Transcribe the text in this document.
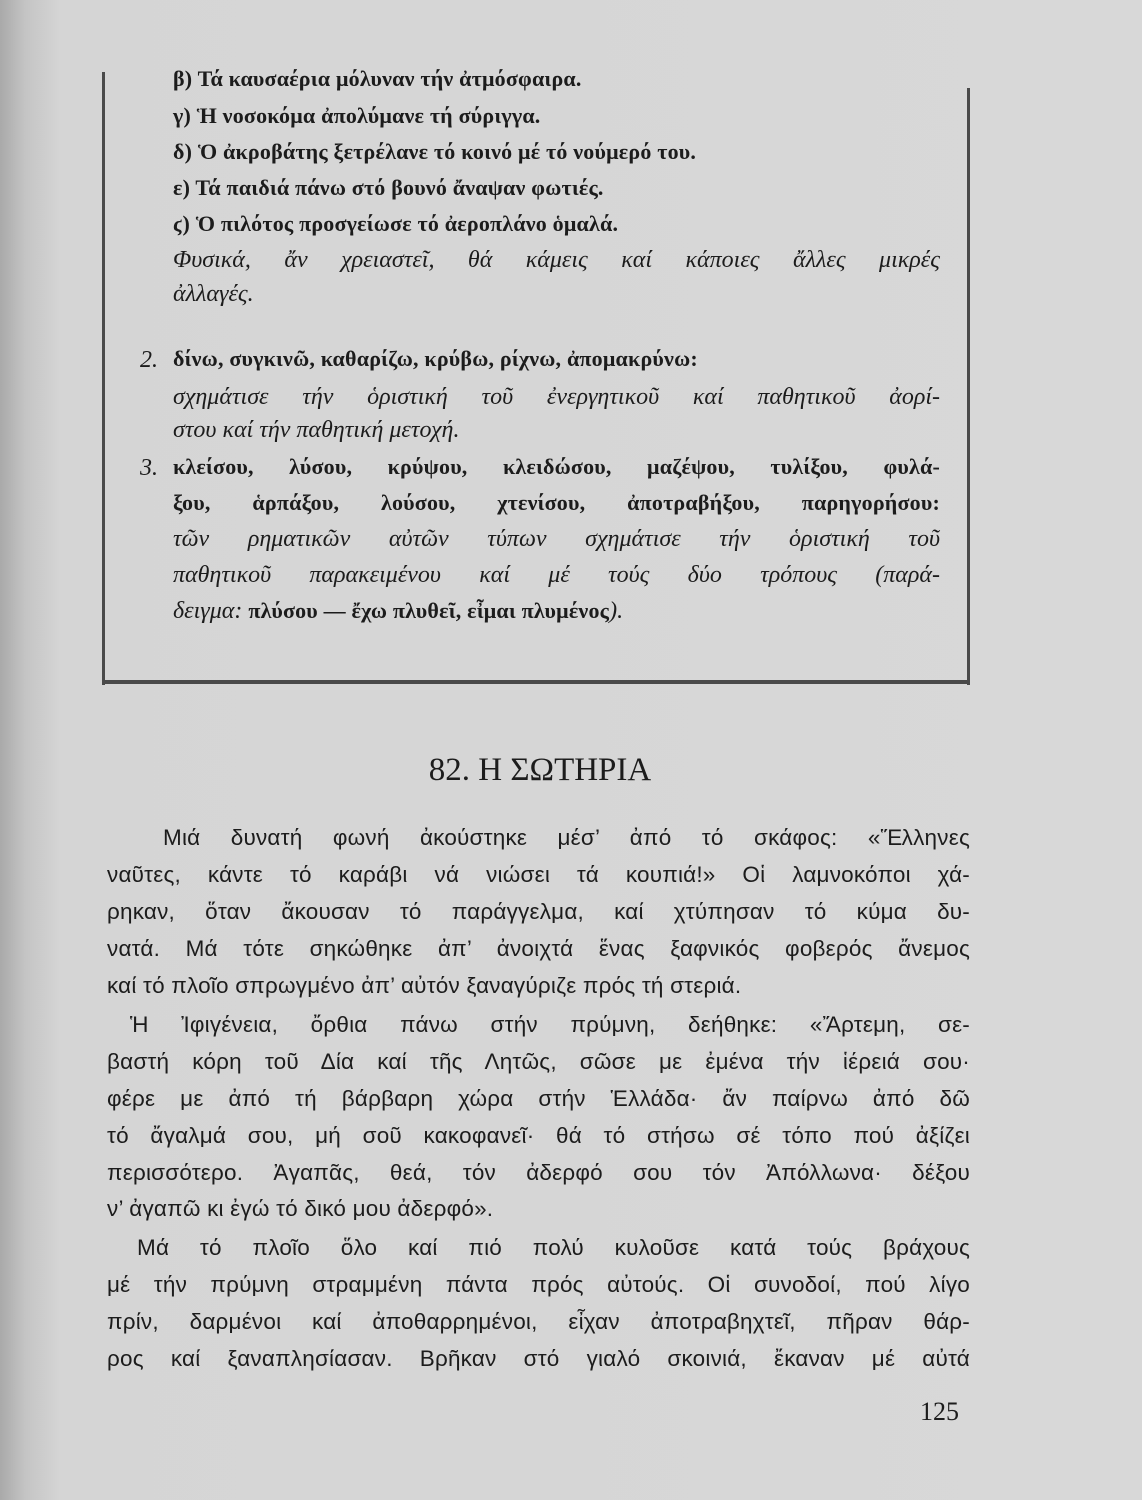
β) Τά καυσαέρια μόλυναν τήν ἀτμόσφαιρα.
γ) Ἡ νοσοκόμα ἀπολύμανε τή σύριγγα.
δ) Ὁ ἀκροβάτης ξετρέλανε τό κοινό μέ τό νούμερό του.
ε) Τά παιδιά πάνω στό βουνό ἄναψαν φωτιές.
ϛ) Ὁ πιλότος προσγείωσε τό ἀεροπλάνο ὁμαλά.
Φυσικά, ἄν χρειαστεῖ, θά κάμεις καί κάποιες ἄλλες μικρές
ἀλλαγές.
2. δίνω, συγκινῶ, καθαρίζω, κρύβω, ρίχνω, ἀπομακρύνω:
σχημάτισε τήν ὁριστική τοῦ ἐνεργητικοῦ καί παθητικοῦ ἀορί-
στου καί τήν παθητική μετοχή.
3. κλείσου, λύσου, κρύψου, κλειδώσου, μαζέψου, τυλίξου, φυλά-
ξου, ἁρπάξου, λούσου, χτενίσου, ἀποτραβήξου, παρηγορήσου:
τῶν ρηματικῶν αὐτῶν τύπων σχημάτισε τήν ὁριστική τοῦ
παθητικοῦ παρακειμένου καί μέ τούς δύο τρόπους (παρά-
δειγμα: πλύσου — ἔχω πλυθεῖ, εἶμαι πλυμένος).
82. Η ΣΩΤΗΡΙΑ
Μιά δυνατή φωνή ἀκούστηκε μέσ’ ἀπό τό σκάφος: «Ἕλληνες
ναῦτες, κάντε τό καράβι νά νιώσει τά κουπιά!» Οἱ λαμνοκόποι χά-
ρηκαν, ὅταν ἄκουσαν τό παράγγελμα, καί χτύπησαν τό κύμα δυ-
νατά. Μά τότε σηκώθηκε ἀπ’ ἀνοιχτά ἕνας ξαφνικός φοβερός ἄνεμος
καί τό πλοῖο σπρωγμένο ἀπ’ αὐτόν ξαναγύριζε πρός τή στεριά.
Ἡ Ἰφιγένεια, ὄρθια πάνω στήν πρύμνη, δεήθηκε: «Ἄρτεμη, σε-
βαστή κόρη τοῦ Δία καί τῆς Λητῶς, σῶσε με ἐμένα τήν ἱέρειά σου·
φέρε με ἀπό τή βάρβαρη χώρα στήν Ἑλλάδα· ἄν παίρνω ἀπό δῶ
τό ἄγαλμά σου, μή σοῦ κακοφανεῖ· θά τό στήσω σέ τόπο πού ἀξίζει
περισσότερο. Ἀγαπᾶς, θεά, τόν ἀδερφό σου τόν Ἀπόλλωνα· δέξου
ν’ ἀγαπῶ κι ἐγώ τό δικό μου ἀδερφό».
Μά τό πλοῖο ὅλο καί πιό πολύ κυλοῦσε κατά τούς βράχους
μέ τήν πρύμνη στραμμένη πάντα πρός αὐτούς. Οἱ συνοδοί, πού λίγο
πρίν, δαρμένοι καί ἀποθαρρημένοι, εἶχαν ἀποτραβηχτεῖ, πῆραν θάρ-
ρος καί ξαναπλησίασαν. Βρῆκαν στό γιαλό σκοινιά, ἔκαναν μέ αὐτά
125
